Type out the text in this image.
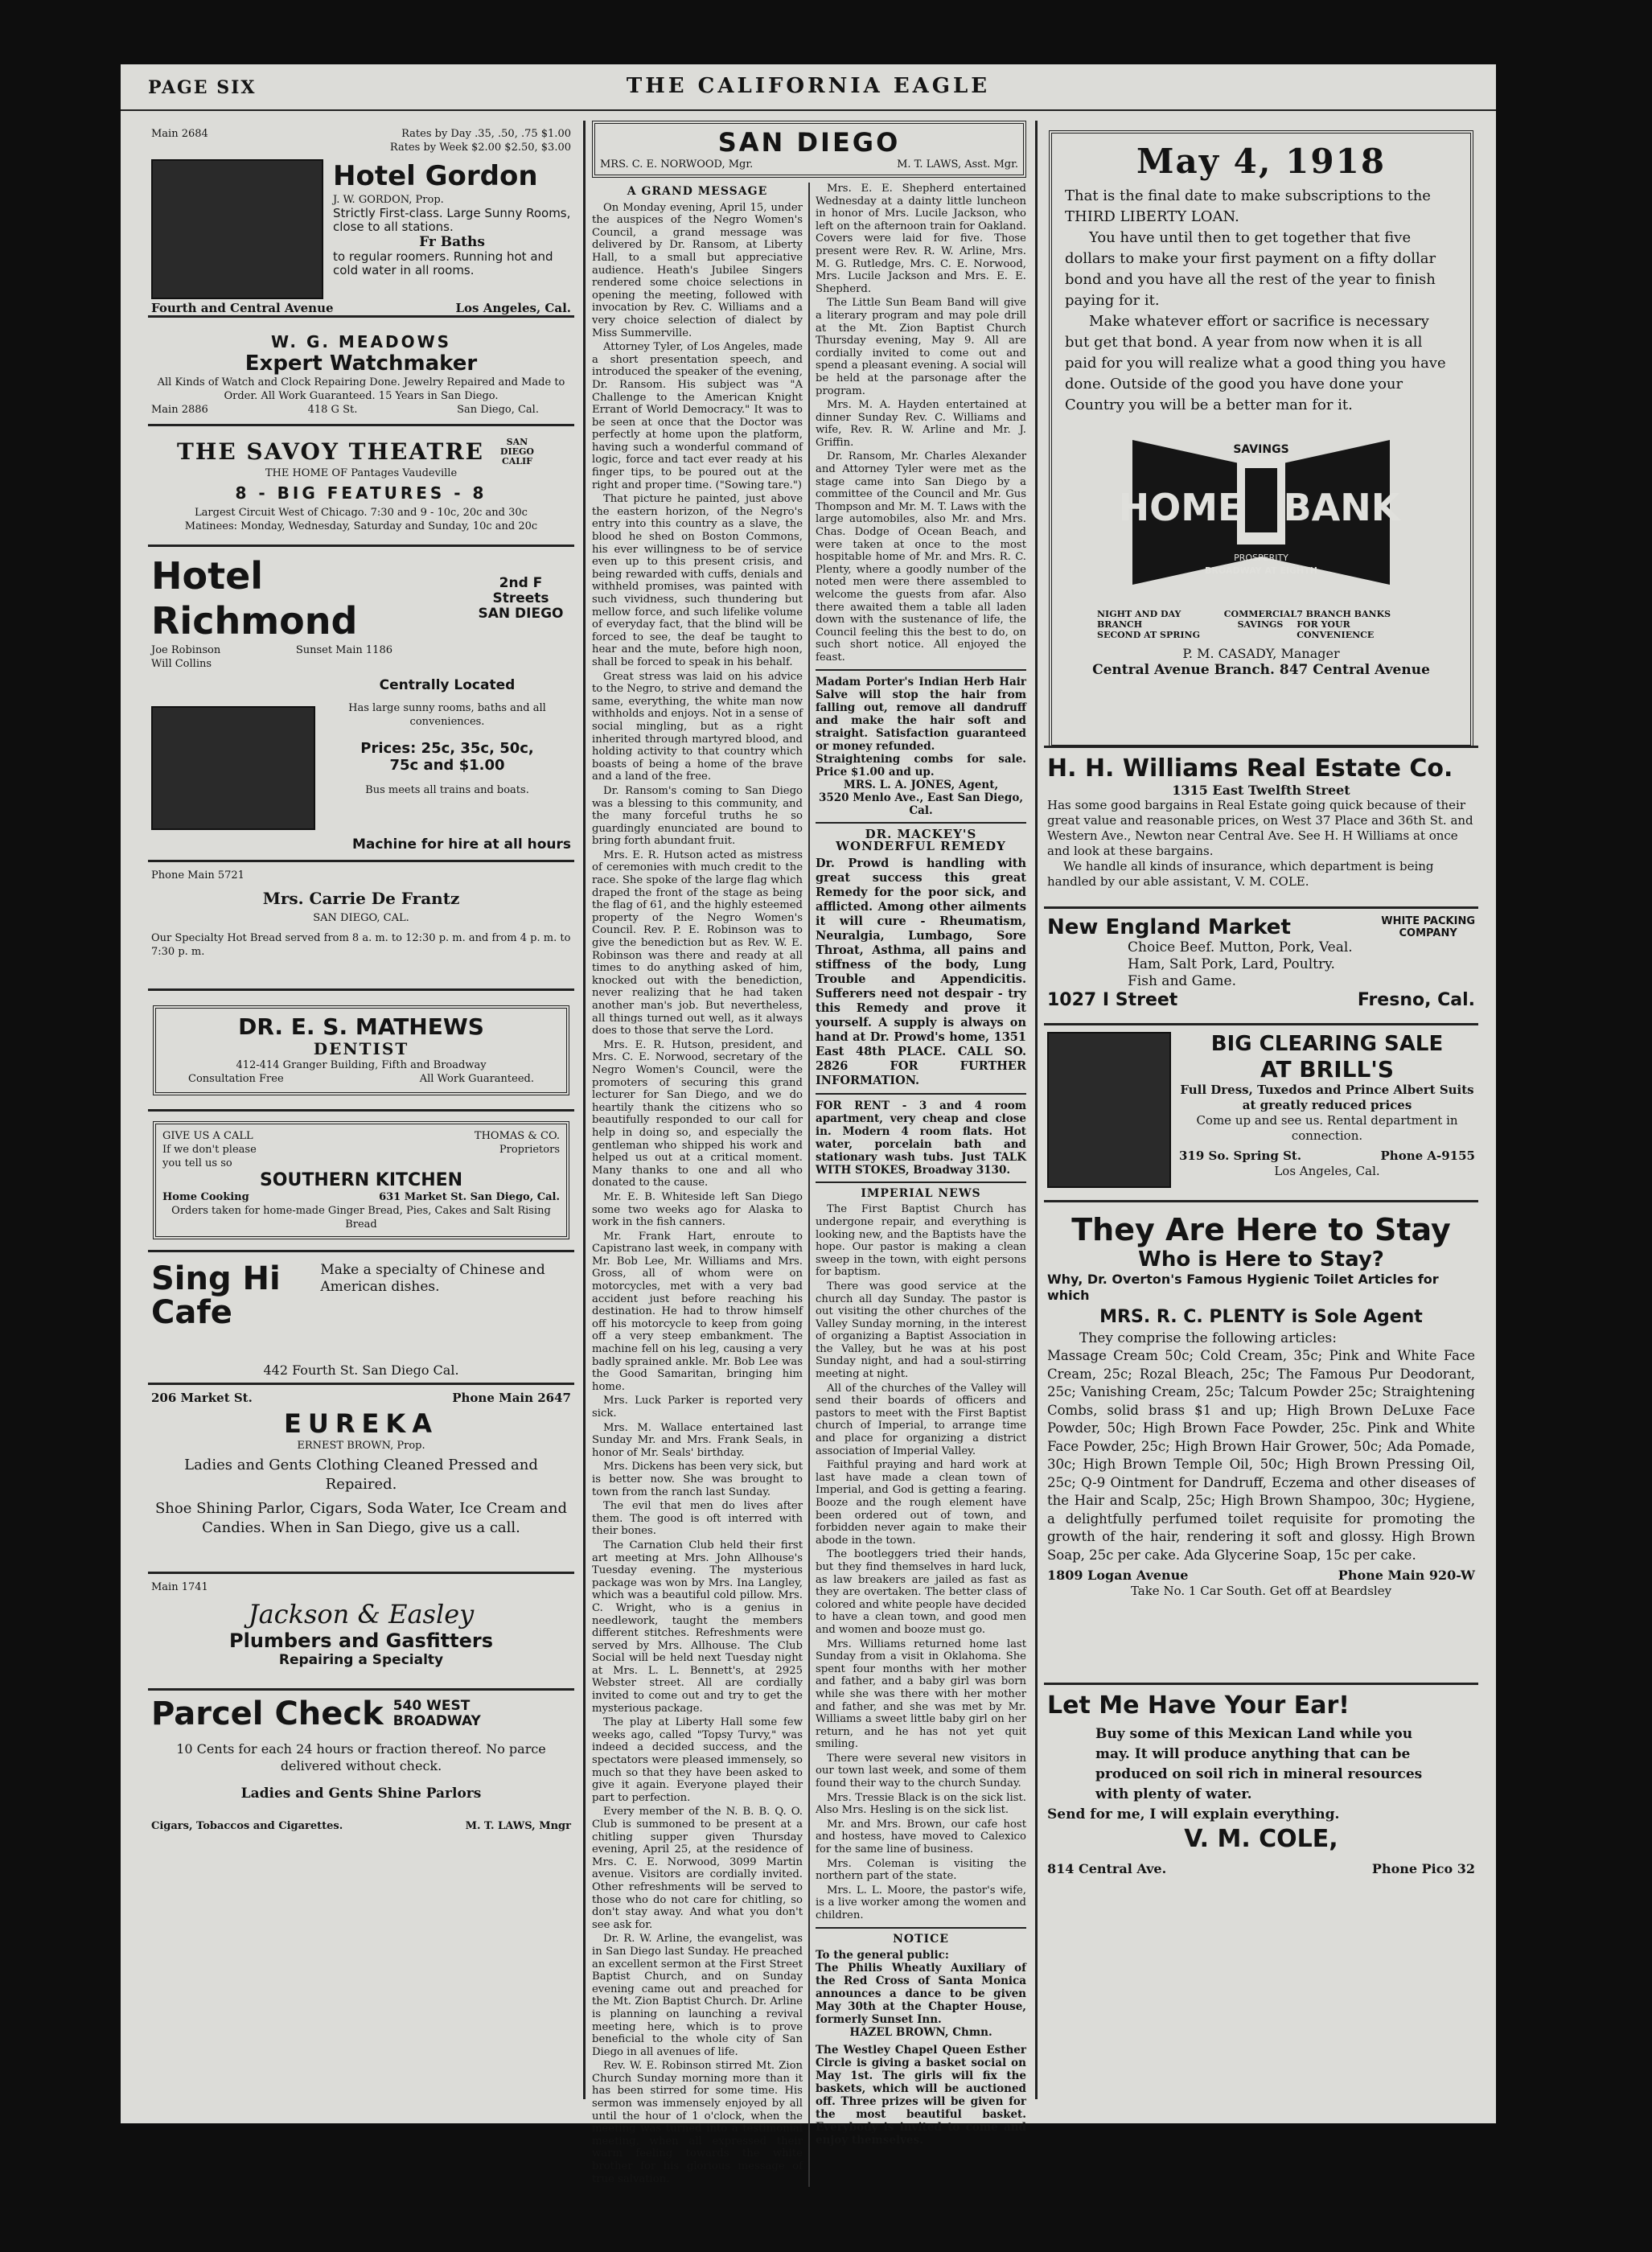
PAGE SIX	THE CALIFORNIA EAGLE
Main 2684	Rates by Day .35, .50, .75 $1.00
Rates by Week $2.00 $2.50, $3.00
Hotel Gordon
J. W. GORDON, Prop.
Strictly First-class. Large Sunny Rooms, close to all stations.
Fr Baths
to regular roomers. Running hot and cold water in all rooms.
Fourth and Central Avenue	Los Angeles, Cal.
W. G. MEADOWS
Expert Watchmaker
All Kinds of Watch and Clock Repairing Done. Jewelry Repaired and Made to Order. All Work Guaranteed. 15 Years in San Diego.
Main 2886	418 G St.	San Diego, Cal.
THE SAVOY THEATRE	SAN DIEGO CALIF
THE HOME OF Pantages Vaudeville
8 - BIG FEATURES - 8
Largest Circuit West of Chicago. 7:30 and 9 - 10c, 20c and 30c
Matinees: Monday, Wednesday, Saturday and Sunday, 10c and 20c
Hotel Richmond
2nd F Streets
SAN DIEGO
Joe Robinson
Will Collins
Sunset Main 1186
Centrally Located
Has large sunny rooms, baths and all conveniences.
Prices: 25c, 35c, 50c,
75c and $1.00
Bus meets all trains and boats.
Machine for hire at all hours
Phone Main 5721
Mrs. Carrie De Frantz
SAN DIEGO, CAL.
Our Specialty Hot Bread served from 8 a. m. to 12:30 p. m. and from 4 p. m. to 7:30 p. m.
DR. E. S. MATHEWS
DENTIST
412-414 Granger Building, Fifth and Broadway
Consultation Free	All Work Guaranteed.
GIVE US A CALL
If we don't please
you tell us so
THOMAS & CO.
Proprietors
SOUTHERN KITCHEN
Home Cooking	631 Market St. San Diego, Cal.
Orders taken for home-made Ginger Bread, Pies, Cakes and Salt Rising Bread
Sing Hi Cafe
Make a specialty of Chinese and American dishes.
442 Fourth St. San Diego Cal.
206 Market St.	Phone Main 2647
EUREKA
ERNEST BROWN, Prop.
Ladies and Gents Clothing Cleaned Pressed and Repaired.
Shoe Shining Parlor, Cigars, Soda Water, Ice Cream and Candies. When in San Diego, give us a call.
Main 1741
Jackson & Easley
Plumbers and Gasfitters
Repairing a Specialty
Parcel Check 540 WEST
BROADWAY
10 Cents for each 24 hours or fraction thereof. No parce delivered without check.
Ladies and Gents Shine Parlors
Cigars, Tobaccos and Cigarettes.	M. T. LAWS, Mngr
SAN DIEGO
MRS. C. E. NORWOOD, Mgr.	M. T. LAWS, Asst. Mgr.
A GRAND MESSAGE

On Monday evening, April 15, under the auspices of the Negro Women's Council, a grand message was delivered by Dr. Ransom, at Liberty Hall, to a small but appreciative audience. Heath's Jubilee Singers rendered some choice selections in opening the meeting, followed with invocation by Rev. C. Williams and a very choice selection of dialect by Miss Summerville.

Attorney Tyler, of Los Angeles, made a short presentation speech, and introduced the speaker of the evening, Dr. Ransom. His subject was "A Challenge to the American Knight Errant of World Democracy." It was to be seen at once that the Doctor was perfectly at home upon the platform, having such a wonderful command of logic, force and tact ever ready at his finger tips, to be poured out at the right and proper time. ("Sowing tare.")

That picture he painted, just above the eastern horizon, of the Negro's entry into this country as a slave, the blood he shed on Boston Commons, his ever willingness to be of service even up to this present crisis, and being rewarded with cuffs, denials and withheld promises, was painted with such vividness, such thundering but mellow force, and such lifelike volume of everyday fact, that the blind will be forced to see, the deaf be taught to hear and the mute, before high noon, shall be forced to speak in his behalf.

Great stress was laid on his advice to the Negro, to strive and demand the same, everything, the white man now withholds and enjoys. Not in a sense of social mingling, but as a right inherited through martyred blood, and holding activity to that country which boasts of being a home of the brave and a land of the free.

Dr. Ransom's coming to San Diego was a blessing to this community, and the many forceful truths he so guardingly enunciated are bound to bring forth abundant fruit.

Mrs. E. R. Hutson acted as mistress of ceremonies with much credit to the race. She spoke of the large flag which draped the front of the stage as being the flag of 61, and the highly esteemed property of the Negro Women's Council. Rev. P. E. Robinson was to give the benediction but as Rev. W. E. Robinson was there and ready at all times to do anything asked of him, knocked out with the benediction, never realizing that he had taken another man's job. But nevertheless, all things turned out well, as it always does to those that serve the Lord.

Mrs. E. R. Hutson, president, and Mrs. C. E. Norwood, secretary of the Negro Women's Council, were the promoters of securing this grand lecturer for San Diego, and we do heartily thank the citizens who so beautifully responded to our call for help in doing so, and especially the gentleman who shipped his work and helped us out at a critical moment. Many thanks to one and all who donated to the cause.

Mr. E. B. Whiteside left San Diego some two weeks ago for Alaska to work in the fish canners.

Mr. Frank Hart, enroute to Capistrano last week, in company with Mr. Bob Lee, Mr. Williams and Mrs. Gross, all of whom were on motorcycles, met with a very bad accident just before reaching his destination. He had to throw himself off his motorcycle to keep from going off a very steep embankment. The machine fell on his leg, causing a very badly sprained ankle. Mr. Bob Lee was the Good Samaritan, bringing him home.

Mrs. Luck Parker is reported very sick.

Mrs. M. Wallace entertained last Sunday Mr. and Mrs. Frank Seals, in honor of Mr. Seals' birthday.

Mrs. Dickens has been very sick, but is better now. She was brought to town from the ranch last Sunday.

The evil that men do lives after them. The good is oft interred with their bones.

The Carnation Club held their first art meeting at Mrs. John Allhouse's Tuesday evening. The mysterious package was won by Mrs. Ina Langley, which was a beautiful cold pillow. Mrs. C. Wright, who is a genius in needlework, taught the members different stitches. Refreshments were served by Mrs. Allhouse. The Club Social will be held next Tuesday night at Mrs. L. L. Bennett's, at 2925 Webster street. All are cordially invited to come out and try to get the mysterious package.

The play at Liberty Hall some few weeks ago, called "Topsy Turvy," was indeed a decided success, and the spectators were pleased immensely, so much so that they have been asked to give it again. Everyone played their part to perfection.

Every member of the N. B. B. Q. O. Club is summoned to be present at a chitling supper given Thursday evening, April 25, at the residence of Mrs. C. E. Norwood, 3099 Martin avenue. Visitors are cordially invited. Other refreshments will be served to those who do not care for chitling, so don't stay away. And what you don't see ask for.

Dr. R. W. Arline, the evangelist, was in San Diego last Sunday. He preached an excellent sermon at the First Street Baptist Church, and on Sunday evening came out and preached for the Mt. Zion Baptist Church. Dr. Arline is planning on launching a revival meeting here, which is to prove beneficial to the whole city of San Diego in all avenues of life.

Rev. W. E. Robinson stirred Mt. Zion Church Sunday morning more than it has been stirred for some time. His sermon was immensely enjoyed by all until the hour of 1 o'clock, when the meeting was turned into a testimonial meeting, when all expressed their warm feeling towards the white brother for his glorious message of true salvation.

Mrs. E. E. Shepherd entertained Wednesday at a dainty little luncheon in honor of Mrs. Lucile Jackson, who left on the afternoon train for Oakland. Covers were laid for five. Those present were Rev. R. W. Arline, Mrs. M. G. Rutledge, Mrs. C. E. Norwood, Mrs. Lucile Jackson and Mrs. E. E. Shepherd.

The Little Sun Beam Band will give a literary program and may pole drill at the Mt. Zion Baptist Church Thursday evening, May 9. All are cordially invited to come out and spend a pleasant evening. A social will be held at the parsonage after the program.

Mrs. M. A. Hayden entertained at dinner Sunday Rev. C. Williams and wife, Rev. R. W. Arline and Mr. J. Griffin.

Dr. Ransom, Mr. Charles Alexander and Attorney Tyler were met as the stage came into San Diego by a committee of the Council and Mr. Gus Thompson and Mr. M. T. Laws with the large automobiles, also Mr. and Mrs. Chas. Dodge of Ocean Beach, and were taken at once to the most hospitable home of Mr. and Mrs. R. C. Plenty, where a goodly number of the noted men were there assembled to welcome the guests from afar. Also there awaited them a table all laden down with the sustenance of life, the Council feeling this the best to do, on such short notice. All enjoyed the feast.

Madam Porter's Indian Herb Hair Salve will stop the hair from falling out, remove all dandruff and make the hair soft and straight. Satisfaction guaranteed or money refunded.
Straightening combs for sale. Price $1.00 and up.
MRS. L. A. JONES, Agent,
3520 Menlo Ave., East San Diego, Cal.
DR. MACKEY'S WONDERFUL REMEDY
Dr. Prowd is handling with great success this great Remedy for the poor sick, and afflicted. Among other ailments it will cure - Rheumatism, Neuralgia, Lumbago, Sore Throat, Asthma, all pains and stiffness of the body, Lung Trouble and Appendicitis. Sufferers need not despair - try this Remedy and prove it yourself. A supply is always on hand at Dr. Prowd's home, 1351 East 48th PLACE. CALL SO. 2826 FOR FURTHER INFORMATION.
FOR RENT - 3 and 4 room apartment, very cheap and close in. Modern 4 room flats. Hot water, porcelain bath and stationary wash tubs. Just TALK WITH STOKES, Broadway 3130.
IMPERIAL NEWS

The First Baptist Church has undergone repair, and everything is looking new, and the Baptists have the hope. Our pastor is making a clean sweep in the town, with eight persons for baptism.

There was good service at the church all day Sunday. The pastor is out visiting the other churches of the Valley Sunday morning, in the interest of organizing a Baptist Association in the Valley, but he was at his post Sunday night, and had a soul-stirring meeting at night.

All of the churches of the Valley will send their boards of officers and pastors to meet with the First Baptist church of Imperial, to arrange time and place for organizing a district association of Imperial Valley.

Faithful praying and hard work at last have made a clean town of Imperial, and God is getting a fearing. Booze and the rough element have been ordered out of town, and forbidden never again to make their abode in the town.

The bootleggers tried their hands, but they find themselves in hard luck, as law breakers are jailed as fast as they are overtaken. The better class of colored and white people have decided to have a clean town, and good men and women and booze must go.

Mrs. Williams returned home last Sunday from a visit in Oklahoma. She spent four months with her mother and father, and a baby girl was born while she was there with her mother and father, and she was met by Mr. Williams a sweet little baby girl on her return, and he has not yet quit smiling.

There were several new visitors in our town last week, and some of them found their way to the church Sunday.

Mrs. Tressie Black is on the sick list. Also Mrs. Hesling is on the sick list.

Mr. and Mrs. Brown, our cafe host and hostess, have moved to Calexico for the same line of business.

Mrs. Coleman is visiting the northern part of the state.

Mrs. L. L. Moore, the pastor's wife, is a live worker among the women and children.

NOTICE
To the general public:
The Philis Wheatly Auxiliary of the Red Cross of Santa Monica announces a dance to be given May 30th at the Chapter House, formerly Sunset Inn.
HAZEL BROWN, Chmn.
The Westley Chapel Queen Esther Circle is giving a basket social on May 1st. The girls will fix the baskets, which will be auctioned off. Three prizes will be given for the most beautiful basket. Everybody is invited to come and enjoy themselves.
May 4, 1918
That is the final date to make subscriptions to the THIRD LIBERTY LOAN.
You have until then to get together that five dollars to make your first payment on a fifty dollar bond and you have all the rest of the year to finish paying for it.
Make whatever effort or sacrifice is necessary but get that bond. A year from now when it is all paid for you will realize what a good thing you have done. Outside of the good you have done your Country you will be a better man for it.
HOME BANK
SAVINGS
PROSPERITY
BROADWAY AT EIGHTH
NIGHT AND DAY BRANCH
SECOND AT SPRING
COMMERCIAL
SAVINGS
7 BRANCH BANKS
FOR YOUR CONVENIENCE
P. M. CASADY, Manager
Central Avenue Branch. 847 Central Avenue
H. H. Williams Real Estate Co.
1315 East Twelfth Street
Has some good bargains in Real Estate going quick because of their great value and reasonable prices, on West 37 Place and 36th St. and Western Ave., Newton near Central Ave. See H. H Williams at once and look at these bargains.
We handle all kinds of insurance, which department is being handled by our able assistant, V. M. COLE.
New England Market	WHITE PACKING
COMPANY
Choice Beef. Mutton, Pork, Veal.
Ham, Salt Pork, Lard, Poultry.
Fish and Game.
1027 I Street	Fresno, Cal.
BIG CLEARING SALE
AT BRILL'S
Full Dress, Tuxedos and Prince Albert Suits at greatly reduced prices
Come up and see us. Rental department in connection.
319 So. Spring St.	Phone A-9155
Los Angeles, Cal.
They Are Here to Stay
Who is Here to Stay?
Why, Dr. Overton's Famous Hygienic Toilet Articles for which
MRS. R. C. PLENTY is Sole Agent
They comprise the following articles:
Massage Cream 50c; Cold Cream, 35c; Pink and White Face Cream, 25c; Rozal Bleach, 25c; The Famous Pur Deodorant, 25c; Vanishing Cream, 25c; Talcum Powder 25c; Straightening Combs, solid brass $1 and up; High Brown DeLuxe Face Powder, 50c; High Brown Face Powder, 25c. Pink and White Face Powder, 25c; High Brown Hair Grower, 50c; Ada Pomade, 30c; High Brown Temple Oil, 50c; High Brown Pressing Oil, 25c; Q-9 Ointment for Dandruff, Eczema and other diseases of the Hair and Scalp, 25c; High Brown Shampoo, 30c; Hygiene, a delightfully perfumed toilet requisite for promoting the growth of the hair, rendering it soft and glossy. High Brown Soap, 25c per cake. Ada Glycerine Soap, 15c per cake.
1809 Logan Avenue	Phone Main 920-W
Take No. 1 Car South. Get off at Beardsley
Let Me Have Your Ear!
Buy some of this Mexican Land while you may. It will produce anything that can be produced on soil rich in mineral resources with plenty of water.
Send for me, I will explain everything.
V. M. COLE,
814 Central Ave.	Phone Pico 32
